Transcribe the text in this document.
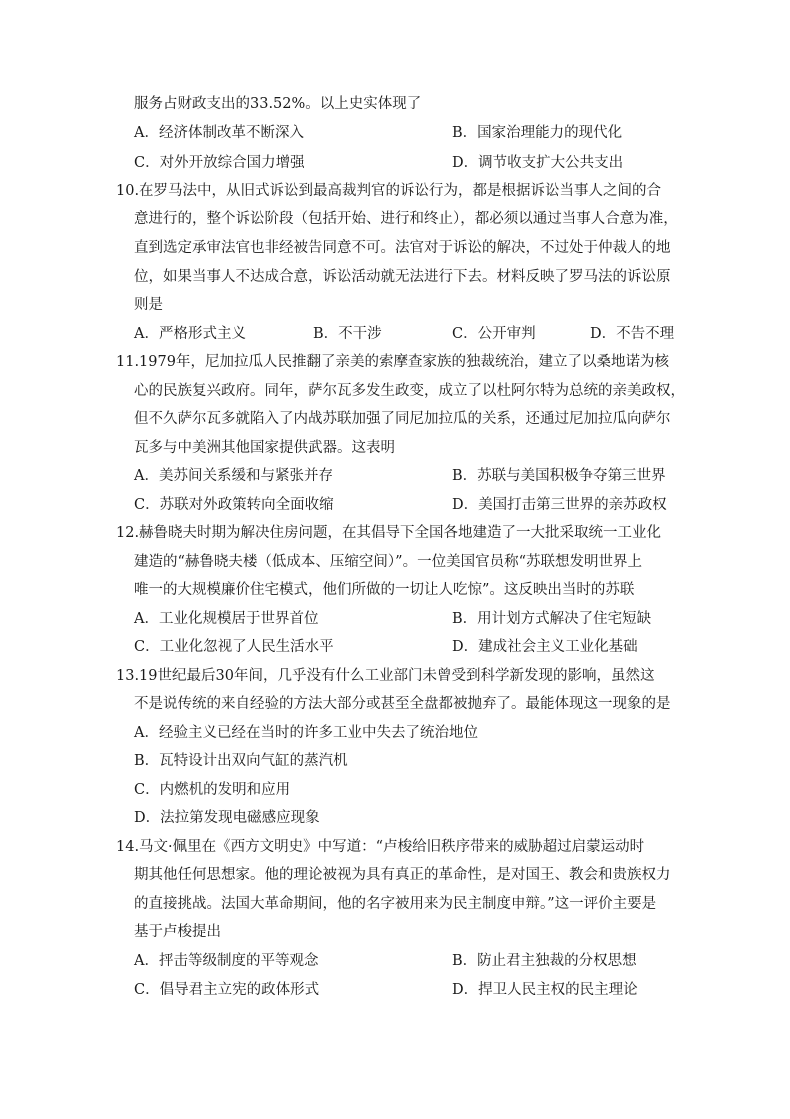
服务占财政支出的33.52%。以上史实体现了
A．经济体制改革不断深入	B．国家治理能力的现代化
C．对外开放综合国力增强	D．调节收支扩大公共支出
10.在罗马法中，从旧式诉讼到最高裁判官的诉讼行为，都是根据诉讼当事人之间的合
意进行的，整个诉讼阶段（包括开始、进行和终止），都必须以通过当事人合意为准，
直到选定承审法官也非经被告同意不可。法官对于诉讼的解决，不过处于仲裁人的地
位，如果当事人不达成合意，诉讼活动就无法进行下去。材料反映了罗马法的诉讼原
则是
A．严格形式主义	B．不干涉	C．公开审判	D．不告不理
11.1979年，尼加拉瓜人民推翻了亲美的索摩查家族的独裁统治，建立了以桑地诺为核
心的民族复兴政府。同年，萨尔瓦多发生政变，成立了以杜阿尔特为总统的亲美政权，
但不久萨尔瓦多就陷入了内战苏联加强了同尼加拉瓜的关系，还通过尼加拉瓜向萨尔
瓦多与中美洲其他国家提供武器。这表明
A．美苏间关系缓和与紧张并存	B．苏联与美国积极争夺第三世界
C．苏联对外政策转向全面收缩	D．美国打击第三世界的亲苏政权
12.赫鲁晓夫时期为解决住房问题，在其倡导下全国各地建造了一大批采取统一工业化
建造的“赫鲁晓夫楼（低成本、压缩空间）”。一位美国官员称“苏联想发明世界上
唯一的大规模廉价住宅模式，他们所做的一切让人吃惊”。这反映出当时的苏联
A．工业化规模居于世界首位	B．用计划方式解决了住宅短缺
C．工业化忽视了人民生活水平	D．建成社会主义工业化基础
13.19世纪最后30年间，几乎没有什么工业部门未曾受到科学新发现的影响，虽然这
不是说传统的来自经验的方法大部分或甚至全盘都被抛弃了。最能体现这一现象的是
A．经验主义已经在当时的许多工业中失去了统治地位
B．瓦特设计出双向气缸的蒸汽机
C．内燃机的发明和应用
D．法拉第发现电磁感应现象
14.马文·佩里在《西方文明史》中写道：“卢梭给旧秩序带来的威胁超过启蒙运动时
期其他任何思想家。他的理论被视为具有真正的革命性，是对国王、教会和贵族权力
的直接挑战。法国大革命期间，他的名字被用来为民主制度申辩。”这一评价主要是
基于卢梭提出
A．抨击等级制度的平等观念	B．防止君主独裁的分权思想
C．倡导君主立宪的政体形式	D．捍卫人民主权的民主理论
